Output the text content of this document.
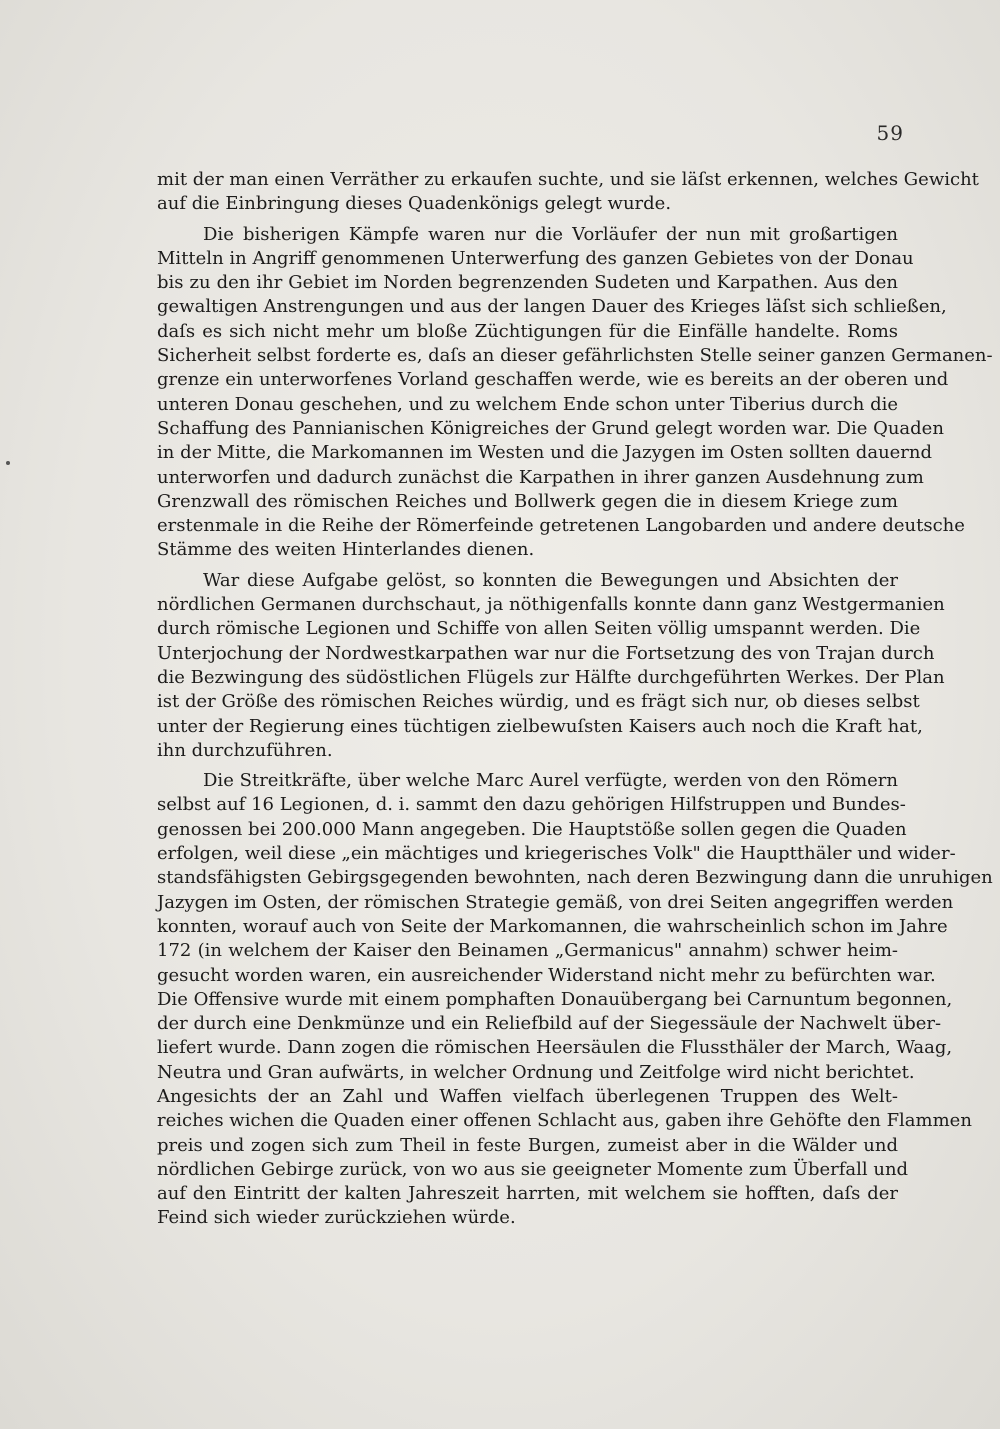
59

mit der man einen Verräther zu erkaufen suchte, und sie läſst erkennen, welches Gewicht
auf die Einbringung dieses Quadenkönigs gelegt wurde.

Die bisherigen Kämpfe waren nur die Vorläufer der nun mit großartigen
Mitteln in Angriff genommenen Unterwerfung des ganzen Gebietes von der Donau
bis zu den ihr Gebiet im Norden begrenzenden Sudeten und Karpathen. Aus den
gewaltigen Anstrengungen und aus der langen Dauer des Krieges läſst sich schließen,
daſs es sich nicht mehr um bloße Züchtigungen für die Einfälle handelte. Roms
Sicherheit selbst forderte es, daſs an dieser gefährlichsten Stelle seiner ganzen Germanen-
grenze ein unterworfenes Vorland geschaffen werde, wie es bereits an der oberen und
unteren Donau geschehen, und zu welchem Ende schon unter Tiberius durch die
Schaffung des Pannianischen Königreiches der Grund gelegt worden war. Die Quaden
in der Mitte, die Markomannen im Westen und die Jazygen im Osten sollten dauernd
unterworfen und dadurch zunächst die Karpathen in ihrer ganzen Ausdehnung zum
Grenzwall des römischen Reiches und Bollwerk gegen die in diesem Kriege zum
erstenmale in die Reihe der Römerfeinde getretenen Langobarden und andere deutsche
Stämme des weiten Hinterlandes dienen.

War diese Aufgabe gelöst, so konnten die Bewegungen und Absichten der
nördlichen Germanen durchschaut, ja nöthigenfalls konnte dann ganz Westgermanien
durch römische Legionen und Schiffe von allen Seiten völlig umspannt werden. Die
Unterjochung der Nordwestkarpathen war nur die Fortsetzung des von Trajan durch
die Bezwingung des südöstlichen Flügels zur Hälfte durchgeführten Werkes. Der Plan
ist der Größe des römischen Reiches würdig, und es frägt sich nur, ob dieses selbst
unter der Regierung eines tüchtigen zielbewuſsten Kaisers auch noch die Kraft hat,
ihn durchzuführen.

Die Streitkräfte, über welche Marc Aurel verfügte, werden von den Römern
selbst auf 16 Legionen, d. i. sammt den dazu gehörigen Hilfstruppen und Bundes-
genossen bei 200.000 Mann angegeben. Die Hauptstöße sollen gegen die Quaden
erfolgen, weil diese „ein mächtiges und kriegerisches Volk" die Hauptthäler und wider-
standsfähigsten Gebirgsgegenden bewohnten, nach deren Bezwingung dann die unruhigen
Jazygen im Osten, der römischen Strategie gemäß, von drei Seiten angegriffen werden
konnten, worauf auch von Seite der Markomannen, die wahrscheinlich schon im Jahre
172 (in welchem der Kaiser den Beinamen „Germanicus" annahm) schwer heim-
gesucht worden waren, ein ausreichender Widerstand nicht mehr zu befürchten war.
Die Offensive wurde mit einem pomphaften Donauübergang bei Carnuntum begonnen,
der durch eine Denkmünze und ein Reliefbild auf der Siegessäule der Nachwelt über-
liefert wurde. Dann zogen die römischen Heersäulen die Flussthäler der March, Waag,
Neutra und Gran aufwärts, in welcher Ordnung und Zeitfolge wird nicht berichtet.
Angesichts der an Zahl und Waffen vielfach überlegenen Truppen des Welt-
reiches wichen die Quaden einer offenen Schlacht aus, gaben ihre Gehöfte den Flammen
preis und zogen sich zum Theil in feste Burgen, zumeist aber in die Wälder und
nördlichen Gebirge zurück, von wo aus sie geeigneter Momente zum Überfall und
auf den Eintritt der kalten Jahreszeit harrten, mit welchem sie hofften, daſs der
Feind sich wieder zurückziehen würde.
